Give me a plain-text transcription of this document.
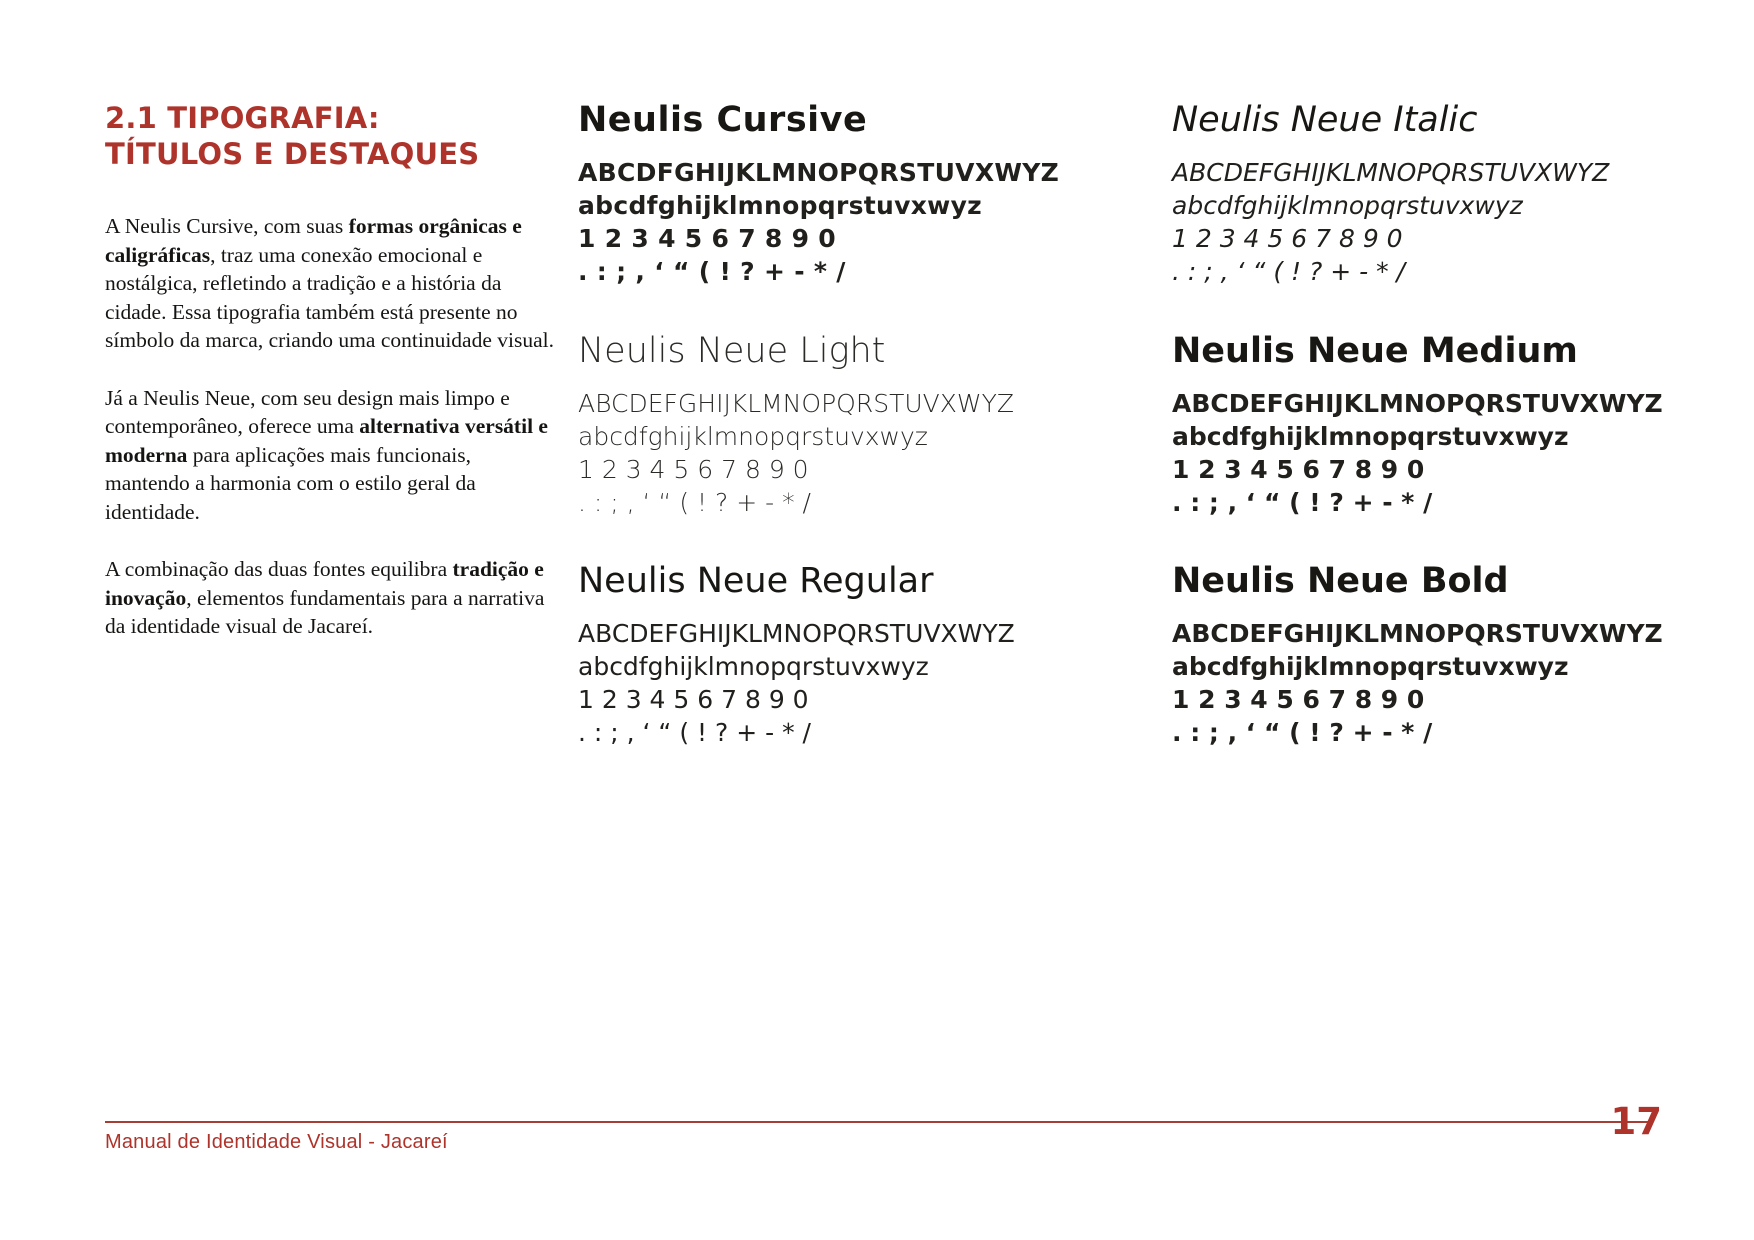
2.1 TIPOGRAFIA:
TÍTULOS E DESTAQUES

A Neulis Cursive, com suas formas orgânicas e caligráficas, traz uma conexão emocional e nostálgica, refletindo a tradição e a história da cidade. Essa tipografia também está presente no símbolo da marca, criando uma continuidade visual.

Já a Neulis Neue, com seu design mais limpo e contemporâneo, oferece uma alternativa versátil e moderna para aplicações mais funcionais, mantendo a harmonia com o estilo geral da identidade.

A combinação das duas fontes equilibra tradição e inovação, elementos fundamentais para a narrativa da identidade visual de Jacareí.

Neulis Cursive
ABCDFGHIJKLMNOPQRSTUVXWYZ
abcdfghijklmnopqrstuvxwyz
1 2 3 4 5 6 7 8 9 0
. : ; , ‘ “ ( ! ? + - * /
Neulis Neue Italic
ABCDEFGHIJKLMNOPQRSTUVXWYZ
abcdfghijklmnopqrstuvxwyz
1 2 3 4 5 6 7 8 9 0
. : ; , ‘ “ ( ! ? + - * /
Neulis Neue Light
ABCDEFGHIJKLMNOPQRSTUVXWYZ
abcdfghijklmnopqrstuvxwyz
1 2 3 4 5 6 7 8 9 0
. : ; , ‘ “ ( ! ? + - * /
Neulis Neue Medium
ABCDEFGHIJKLMNOPQRSTUVXWYZ
abcdfghijklmnopqrstuvxwyz
1 2 3 4 5 6 7 8 9 0
. : ; , ‘ “ ( ! ? + - * /
Neulis Neue Regular
ABCDEFGHIJKLMNOPQRSTUVXWYZ
abcdfghijklmnopqrstuvxwyz
1 2 3 4 5 6 7 8 9 0
. : ; , ‘ “ ( ! ? + - * /
Neulis Neue Bold
ABCDEFGHIJKLMNOPQRSTUVXWYZ
abcdfghijklmnopqrstuvxwyz
1 2 3 4 5 6 7 8 9 0
. : ; , ‘ “ ( ! ? + - * /
Manual de Identidade Visual - Jacareí	17
